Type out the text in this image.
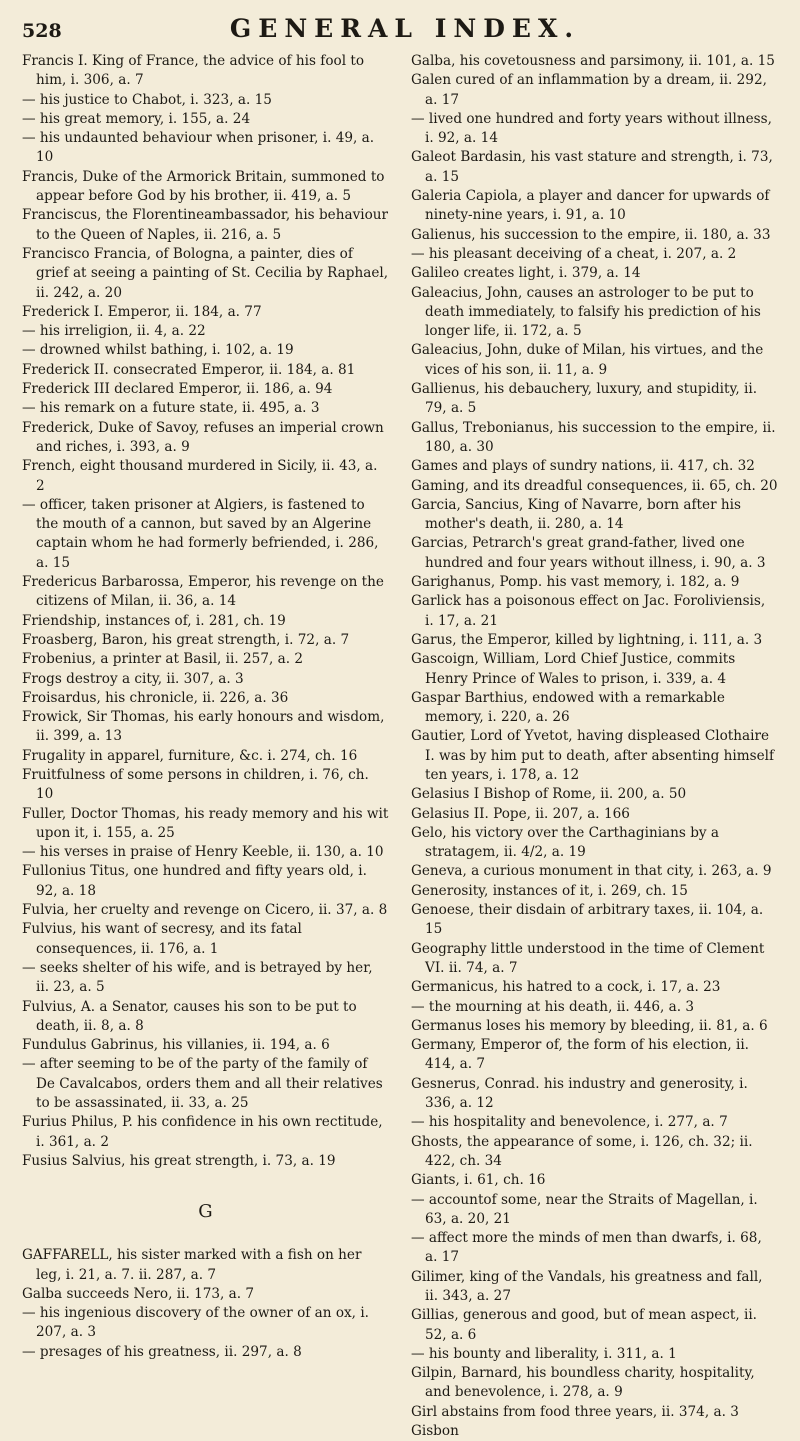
528	GENERAL INDEX.

Francis I. King of France, the advice of his fool to him, i. 306, a. 7

— his justice to Chabot, i. 323, a. 15

— his great memory, i. 155, a. 24

— his undaunted behaviour when prisoner, i. 49, a. 10

Francis, Duke of the Armorick Britain, summoned to appear before God by his brother, ii. 419, a. 5

Franciscus, the Florentineambassador, his behaviour to the Queen of Naples, ii. 216, a. 5

Francisco Francia, of Bologna, a painter, dies of grief at seeing a painting of St. Cecilia by Raphael, ii. 242, a. 20

Frederick I. Emperor, ii. 184, a. 77

— his irreligion, ii. 4, a. 22

— drowned whilst bathing, i. 102, a. 19

Frederick II. consecrated Emperor, ii. 184, a. 81

Frederick III declared Emperor, ii. 186, a. 94

— his remark on a future state, ii. 495, a. 3

Frederick, Duke of Savoy, refuses an imperial crown and riches, i. 393, a. 9

French, eight thousand murdered in Sicily, ii. 43, a. 2

— officer, taken prisoner at Algiers, is fastened to the mouth of a cannon, but saved by an Algerine captain whom he had formerly befriended, i. 286, a. 15

Fredericus Barbarossa, Emperor, his revenge on the citizens of Milan, ii. 36, a. 14

Friendship, instances of, i. 281, ch. 19

Froasberg, Baron, his great strength, i. 72, a. 7

Frobenius, a printer at Basil, ii. 257, a. 2

Frogs destroy a city, ii. 307, a. 3

Froisardus, his chronicle, ii. 226, a. 36

Frowick, Sir Thomas, his early honours and wisdom, ii. 399, a. 13

Frugality in apparel, furniture, &c. i. 274, ch. 16

Fruitfulness of some persons in children, i. 76, ch. 10

Fuller, Doctor Thomas, his ready memory and his wit upon it, i. 155, a. 25

— his verses in praise of Henry Keeble, ii. 130, a. 10

Fullonius Titus, one hundred and fifty years old, i. 92, a. 18

Fulvia, her cruelty and revenge on Cicero, ii. 37, a. 8

Fulvius, his want of secresy, and its fatal consequences, ii. 176, a. 1

— seeks shelter of his wife, and is betrayed by her, ii. 23, a. 5

Fulvius, A. a Senator, causes his son to be put to death, ii. 8, a. 8

Fundulus Gabrinus, his villanies, ii. 194, a. 6

— after seeming to be of the party of the family of De Cavalcabos, orders them and all their relatives to be assassinated, ii. 33, a. 25

Furius Philus, P. his confidence in his own rectitude, i. 361, a. 2

Fusius Salvius, his great strength, i. 73, a. 19

G

GAFFARELL, his sister marked with a fish on her leg, i. 21, a. 7. ii. 287, a. 7

Galba succeeds Nero, ii. 173, a. 7

— his ingenious discovery of the owner of an ox, i. 207, a. 3

— presages of his greatness, ii. 297, a. 8

Galba, his covetousness and parsimony, ii. 101, a. 15

Galen cured of an inflammation by a dream, ii. 292, a. 17

— lived one hundred and forty years without illness, i. 92, a. 14

Galeot Bardasin, his vast stature and strength, i. 73, a. 15

Galeria Capiola, a player and dancer for upwards of ninety-nine years, i. 91, a. 10

Galienus, his succession to the empire, ii. 180, a. 33

— his pleasant deceiving of a cheat, i. 207, a. 2

Galileo creates light, i. 379, a. 14

Galeacius, John, causes an astrologer to be put to death immediately, to falsify his prediction of his longer life, ii. 172, a. 5

Galeacius, John, duke of Milan, his virtues, and the vices of his son, ii. 11, a. 9

Gallienus, his debauchery, luxury, and stupidity, ii. 79, a. 5

Gallus, Trebonianus, his succession to the empire, ii. 180, a. 30

Games and plays of sundry nations, ii. 417, ch. 32

Gaming, and its dreadful consequences, ii. 65, ch. 20

Garcia, Sancius, King of Navarre, born after his mother's death, ii. 280, a. 14

Garcias, Petrarch's great grand-father, lived one hundred and four years without illness, i. 90, a. 3

Garighanus, Pomp. his vast memory, i. 182, a. 9

Garlick has a poisonous effect on Jac. Foroliviensis, i. 17, a. 21

Garus, the Emperor, killed by lightning, i. 111, a. 3

Gascoign, William, Lord Chief Justice, commits Henry Prince of Wales to prison, i. 339, a. 4

Gaspar Barthius, endowed with a remarkable memory, i. 220, a. 26

Gautier, Lord of Yvetot, having displeased Clothaire I. was by him put to death, after absenting himself ten years, i. 178, a. 12

Gelasius I Bishop of Rome, ii. 200, a. 50

Gelasius II. Pope, ii. 207, a. 166

Gelo, his victory over the Carthaginians by a stratagem, ii. 4/2, a. 19

Geneva, a curious monument in that city, i. 263, a. 9

Generosity, instances of it, i. 269, ch. 15

Genoese, their disdain of arbitrary taxes, ii. 104, a. 15

Geography little understood in the time of Clement VI. ii. 74, a. 7

Germanicus, his hatred to a cock, i. 17, a. 23

— the mourning at his death, ii. 446, a. 3

Germanus loses his memory by bleeding, ii. 81, a. 6

Germany, Emperor of, the form of his election, ii. 414, a. 7

Gesnerus, Conrad. his industry and generosity, i. 336, a. 12

— his hospitality and benevolence, i. 277, a. 7

Ghosts, the appearance of some, i. 126, ch. 32; ii. 422, ch. 34

Giants, i. 61, ch. 16

— accountof some, near the Straits of Magellan, i. 63, a. 20, 21

— affect more the minds of men than dwarfs, i. 68, a. 17

Gilimer, king of the Vandals, his greatness and fall, ii. 343, a. 27

Gillias, generous and good, but of mean aspect, ii. 52, a. 6

— his bounty and liberality, i. 311, a. 1

Gilpin, Barnard, his boundless charity, hospitality, and benevolence, i. 278, a. 9

Girl abstains from food three years, ii. 374, a. 3

Gisbon
